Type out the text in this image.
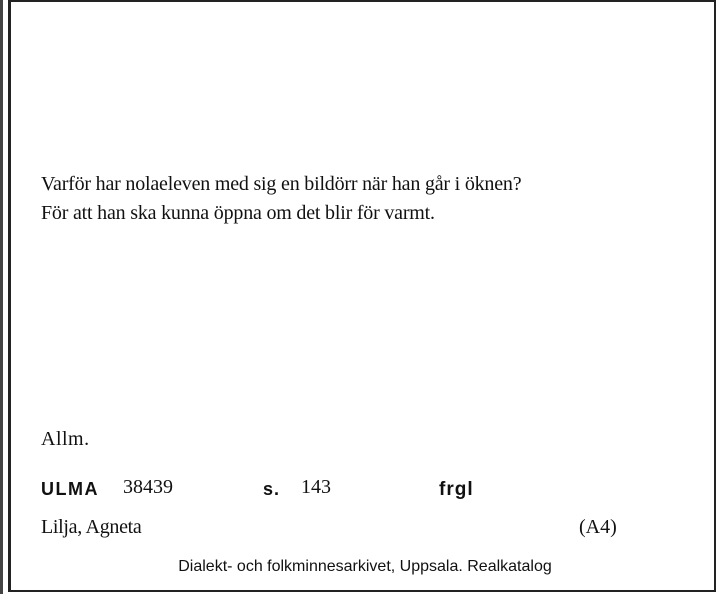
Varför har nolaeleven med sig en bildörr när han går i öknen?
För att han ska kunna öppna om det blir för varmt.
Allm.
ULMA 38439	s. 143	frgl
Lilja, Agneta	(A4)
Dialekt- och folkminnesarkivet, Uppsala. Realkatalog
